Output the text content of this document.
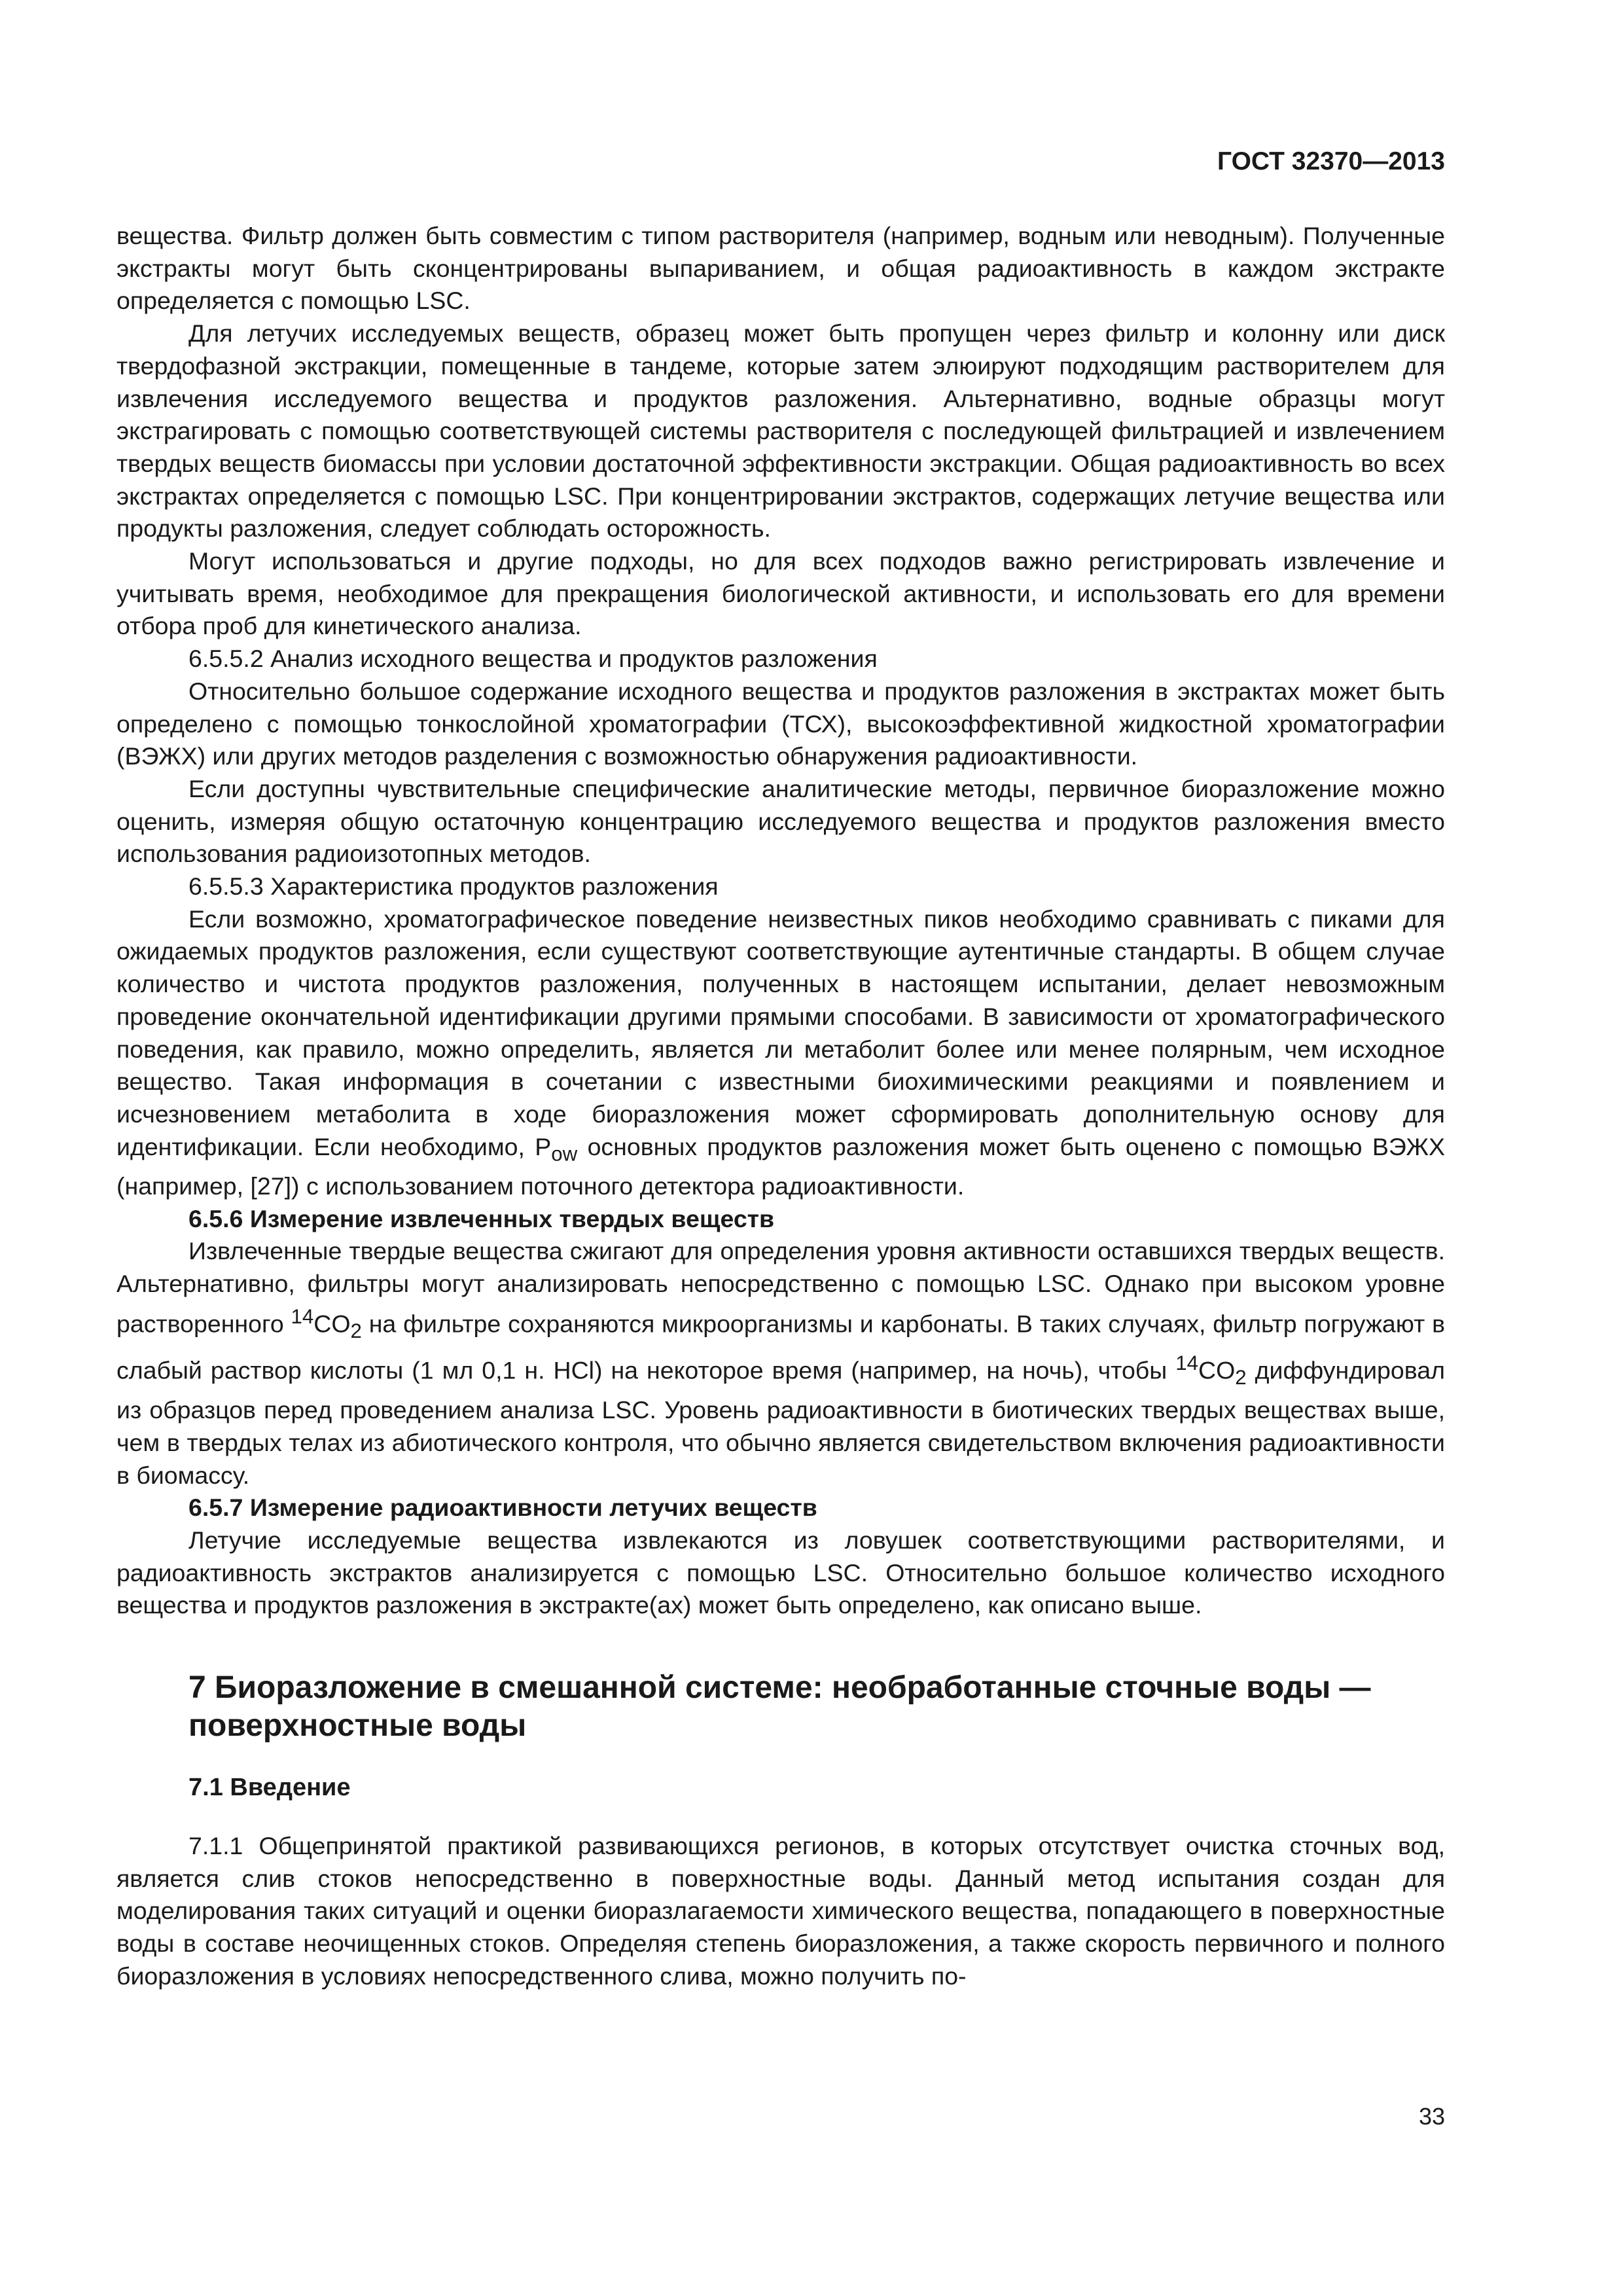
ГОСТ 32370—2013

вещества. Фильтр должен быть совместим с типом растворителя (например, водным или неводным). Полученные экстракты могут быть сконцентрированы выпариванием, и общая радиоактивность в каждом экстракте определяется с помощью LSC.

Для летучих исследуемых веществ, образец может быть пропущен через фильтр и колонну или диск твердофазной экстракции, помещенные в тандеме, которые затем элюируют подходящим растворителем для извлечения исследуемого вещества и продуктов разложения. Альтернативно, водные образцы могут экстрагировать с помощью соответствующей системы растворителя с последующей фильтрацией и извлечением твердых веществ биомассы при условии достаточной эффективности экстракции. Общая радиоактивность во всех экстрактах определяется с помощью LSC. При концентрировании экстрактов, содержащих летучие вещества или продукты разложения, следует соблюдать осторожность.

Могут использоваться и другие подходы, но для всех подходов важно регистрировать извлечение и учитывать время, необходимое для прекращения биологической активности, и использовать его для времени отбора проб для кинетического анализа.

6.5.5.2 Анализ исходного вещества и продуктов разложения

Относительно большое содержание исходного вещества и продуктов разложения в экстрактах может быть определено с помощью тонкослойной хроматографии (ТСХ), высокоэффективной жидкостной хроматографии (ВЭЖХ) или других методов разделения с возможностью обнаружения радиоактивности.

Если доступны чувствительные специфические аналитические методы, первичное биоразложение можно оценить, измеряя общую остаточную концентрацию исследуемого вещества и продуктов разложения вместо использования радиоизотопных методов.

6.5.5.3 Характеристика продуктов разложения

Если возможно, хроматографическое поведение неизвестных пиков необходимо сравнивать с пиками для ожидаемых продуктов разложения, если существуют соответствующие аутентичные стандарты. В общем случае количество и чистота продуктов разложения, полученных в настоящем испытании, делает невозможным проведение окончательной идентификации другими прямыми способами. В зависимости от хроматографического поведения, как правило, можно определить, является ли метаболит более или менее полярным, чем исходное вещество. Такая информация в сочетании с известными биохимическими реакциями и появлением и исчезновением метаболита в ходе биоразложения может сформировать дополнительную основу для идентификации. Если необходимо, $P_{ow}$ основных продуктов разложения может быть оценено с помощью ВЭЖХ (например, [27]) с использованием поточного детектора радиоактивности.

6.5.6 Измерение извлеченных твердых веществ

Извлеченные твердые вещества сжигают для определения уровня активности оставшихся твердых веществ. Альтернативно, фильтры могут анализировать непосредственно с помощью LSC. Однако при высоком уровне растворенного $^{14}CO_2$ на фильтре сохраняются микроорганизмы и карбонаты. В таких случаях, фильтр погружают в слабый раствор кислоты (1 мл 0,1 н. HCl) на некоторое время (например, на ночь), чтобы $^{14}CO_2$ диффундировал из образцов перед проведением анализа LSC. Уровень радиоактивности в биотических твердых веществах выше, чем в твердых телах из абиотического контроля, что обычно является свидетельством включения радиоактивности в биомассу.

6.5.7 Измерение радиоактивности летучих веществ

Летучие исследуемые вещества извлекаются из ловушек соответствующими растворителями, и радиоактивность экстрактов анализируется с помощью LSC. Относительно большое количество исходного вещества и продуктов разложения в экстракте(ах) может быть определено, как описано выше.

7 Биоразложение в смешанной системе: необработанные сточные воды — поверхностные воды
7.1 Введение

7.1.1 Общепринятой практикой развивающихся регионов, в которых отсутствует очистка сточных вод, является слив стоков непосредственно в поверхностные воды. Данный метод испытания создан для моделирования таких ситуаций и оценки биоразлагаемости химического вещества, попадающего в поверхностные воды в составе неочищенных стоков. Определяя степень биоразложения, а также скорость первичного и полного биоразложения в условиях непосредственного слива, можно получить по-

33
